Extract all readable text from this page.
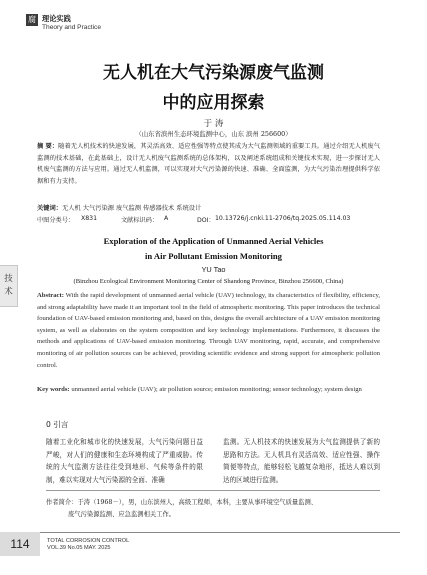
腐 理论实践
Theory and Practice
无人机在大气污染源废气监测
中的应用探索
于 涛
（山东省滨州生态环境监测中心，山东 滨州 256600）
摘 要：随着无人机技术的快速发展，其灵活高效、适应性强等特点使其成为大气监测领域的重要工具。通过介绍无人机废气监测的技术基础，在此基础上，设计无人机废气监测系统的总体架构，以及阐述系统组成和关键技术实现，进一步探讨无人机废气监测的方法与应用。通过无人机监测，可以实现对大气污染源的快速、准确、全面监测，为大气污染治理提供科学依据和有力支持。
关键词：无人机 大气污染源 废气监测 传感器技术 系统设计
中图分类号： X831	文献标识码： A	DOI： 10.13726/j.cnki.11-2706/tq.2025.05.114.03
Exploration of the Application of Unmanned Aerial Vehicles
in Air Pollutant Emission Monitoring
YU Tao
(Binzhou Ecological Environment Monitoring Center of Shandong Province, Binzhou 256600, China)
Abstract: With the rapid development of unmanned aerial vehicle (UAV) technology, its characteristics of flexibility, efficiency, and strong adaptability have made it an important tool in the field of atmospheric monitoring. This paper introduces the technical foundation of UAV-based emission monitoring and, based on this, designs the overall architecture of a UAV emission monitoring system, as well as elaborates on the system composition and key technology implementations. Furthermore, it discusses the methods and applications of UAV-based emission monitoring. Through UAV monitoring, rapid, accurate, and comprehensive monitoring of air pollution sources can be achieved, providing scientific evidence and strong support for atmospheric pollution control.
Key words: unmanned aerial vehicle (UAV); air pollution source; emission monitoring; sensor technology; system design
技
术
0 引言
随着工业化和城市化的快速发展，大气污染问题日益严峻，对人们的健康和生态环境构成了严重威胁。传统的大气监测方法往往受到地形、气候等条件的限制，难以实现对大气污染源的全面、准确
监测。无人机技术的快速发展为大气监测提供了新的思路和方法。无人机具有灵活高效、适应性强、操作简便等特点，能够轻松飞越复杂地形，抵达人难以到达的区域进行监测。
作者简介：于涛（1968－），男，山东滨州人，高级工程师，本科，主要从事环境空气质量监测、
废气污染源监测、应急监测相关工作。
114	TOTAL CORROSION CONTROL
VOL.39 No.05 MAY. 2025
